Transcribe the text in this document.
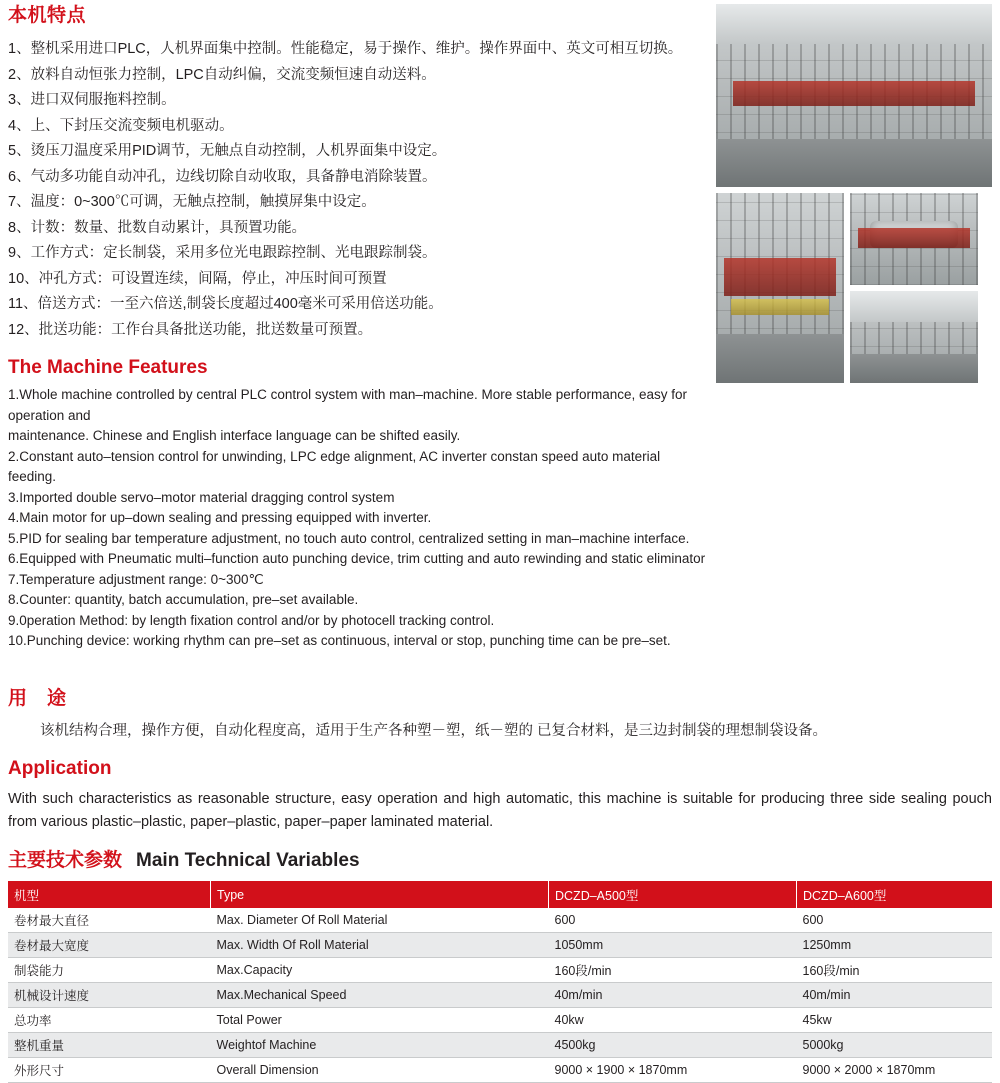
本机特点
1、整机采用进口PLC，人机界面集中控制。性能稳定，易于操作、维护。操作界面中、英文可相互切换。
2、放料自动恒张力控制，LPC自动纠偏，交流变频恒速自动送料。
3、进口双伺服拖料控制。
4、上、下封压交流变频电机驱动。
5、烫压刀温度采用PID调节，无触点自动控制，人机界面集中设定。
6、气动多功能自动冲孔，边线切除自动收取，具备静电消除装置。
7、温度：0~300℃可调，无触点控制，触摸屏集中设定。
8、计数：数量、批数自动累计，具预置功能。
9、工作方式：定长制袋，采用多位光电跟踪控制、光电跟踪制袋。
10、冲孔方式：可设置连续，间隔，停止，冲压时间可预置
11、倍送方式：一至六倍送,制袋长度超过400毫米可采用倍送功能。
12、批送功能：工作台具备批送功能，批送数量可预置。
The Machine Features

1.Whole machine controlled by central PLC control system with man–machine. More stable performance, easy for operation and

maintenance. Chinese and English interface language can be shifted easily.

2.Constant auto–tension control for unwinding, LPC edge alignment, AC inverter constan speed auto material feeding.

3.Imported double servo–motor material dragging control system

4.Main motor for up–down sealing and pressing equipped with inverter.

5.PID for sealing bar temperature adjustment, no touch auto control, centralized setting in man–machine interface.

6.Equipped with Pneumatic multi–function auto punching device, trim cutting and auto rewinding and static eliminator

7.Temperature adjustment range: 0~300℃

8.Counter: quantity, batch accumulation, pre–set available.

9.0peration Method: by length fixation control and/or by photocell tracking control.

10.Punching device: working rhythm can pre–set as continuous, interval or stop, punching time can be pre–set.

用　途

该机结构合理，操作方便，自动化程度高，适用于生产各种塑－塑，纸－塑的 已复合材料，是三边封制袋的理想制袋设备。

Application

With such characteristics as reasonable structure, easy operation and high automatic, this machine is suitable for producing three side sealing pouch from various plastic–plastic, paper–plastic, paper–paper laminated material.

主要技术参数 Main Technical Variables
机型	Type	DCZD–A500型	DCZD–A600型
卷材最大直径	Max. Diameter Of Roll Material	600	600
卷材最大宽度	Max. Width Of Roll Material	1050mm	1250mm
制袋能力	Max.Capacity	160段/min	160段/min
机械设计速度	Max.Mechanical Speed	40m/min	40m/min
总功率	Total Power	40kw	45kw
整机重量	Weightof Machine	4500kg	5000kg
外形尺寸	Overall Dimension	9000 × 1900 × 1870mm	9000 × 2000 × 1870mm
